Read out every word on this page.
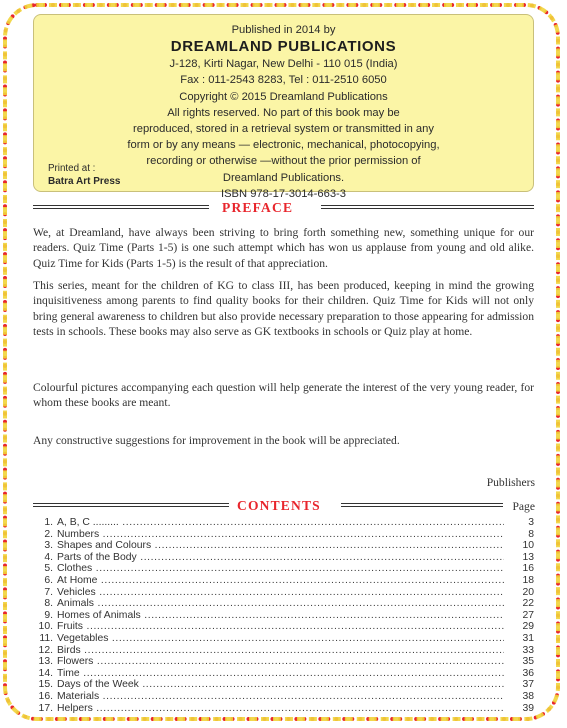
Published in 2014 by
DREAMLAND PUBLICATIONS
J-128, Kirti Nagar, New Delhi - 110 015 (India)
Fax : 011-2543 8283, Tel : 011-2510 6050
Copyright © 2015 Dreamland Publications
All rights reserved. No part of this book may be
reproduced, stored in a retrieval system or transmitted in any
form or by any means — electronic, mechanical, photocopying,
recording or otherwise —without the prior permission of
Dreamland Publications.
ISBN 978-17-3014-663-3
Printed at :
Batra Art Press
PREFACE
We, at Dreamland, have always been striving to bring forth something new, something unique for our readers. Quiz Time (Parts 1-5) is one such attempt which has won us applause from young and old alike. Quiz Time for Kids (Parts 1-5) is the result of that appreciation.
This series, meant for the children of KG to class III, has been produced, keeping in mind the growing inquisitiveness among parents to find quality books for their children. Quiz Time for Kids will not only bring general awareness to children but also provide necessary preparation to those appearing for admission tests in schools. These books may also serve as GK textbooks in schools or Quiz play at home.
Colourful pictures accompanying each question will help generate the interest of the very young reader, for whom these books are meant.
Any constructive suggestions for improvement in the book will be appreciated.
Publishers
CONTENTS	Page
1. A, B, C ......... .....	3
2. Numbers .....	8
3. Shapes and Colours .....	10
4. Parts of the Body .....	13
5. Clothes .....	16
6. At Home .....	18
7. Vehicles .....	20
8. Animals .....	22
9. Homes of Animals .....	27
10. Fruits .....	29
11. Vegetables .....	31
12. Birds .....	33
13. Flowers .....	35
14. Time .....	36
15. Days of the Week .....	37
16. Materials .....	38
17. Helpers .....	39
